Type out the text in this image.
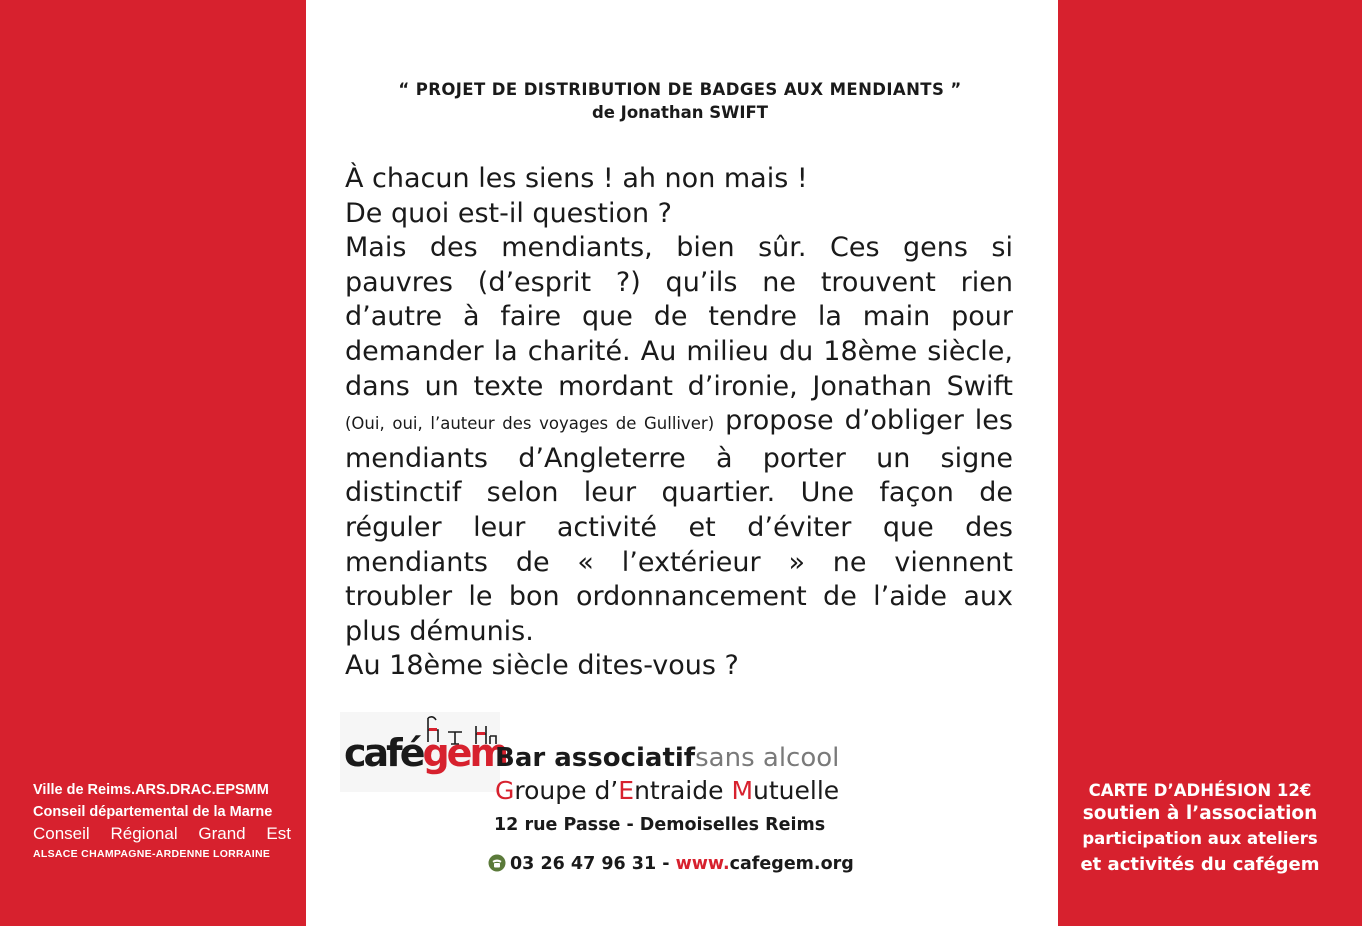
Ville de Reims.ARS.DRAC.EPSMM
Conseil départemental de la Marne
Conseil Régional Grand Est
ALSACE CHAMPAGNE-ARDENNE LORRAINE
CARTE D’ADHÉSION 12€
soutien à l’association
participation aux ateliers
et activités du cafégem
“ PROJET DE DISTRIBUTION DE BADGES AUX MENDIANTS ”
de Jonathan SWIFT
À chacun les siens ! ah non mais !
De quoi est-il question ?
Mais des mendiants, bien sûr. Ces gens si pauvres (d’esprit ?) qu’ils ne trouvent rien d’autre à faire que de tendre la main pour demander la charité. Au milieu du 18ème siècle, dans un texte mordant d’ironie, Jonathan Swift (Oui, oui, l’auteur des voyages de Gulliver) propose d’obliger les mendiants d’Angleterre à porter un signe distinctif selon leur quartier. Une façon de réguler leur activité et d’éviter que des mendiants de « l’extérieur » ne viennent troubler le bon ordonnancement de l’aide aux plus démunis.
Au 18ème siècle dites-vous ?
cafégem
Bar associatifsans alcool
Groupe d’Entraide Mutuelle
12 rue Passe - Demoiselles Reims
03 26 47 96 31 - www.cafegem.org
